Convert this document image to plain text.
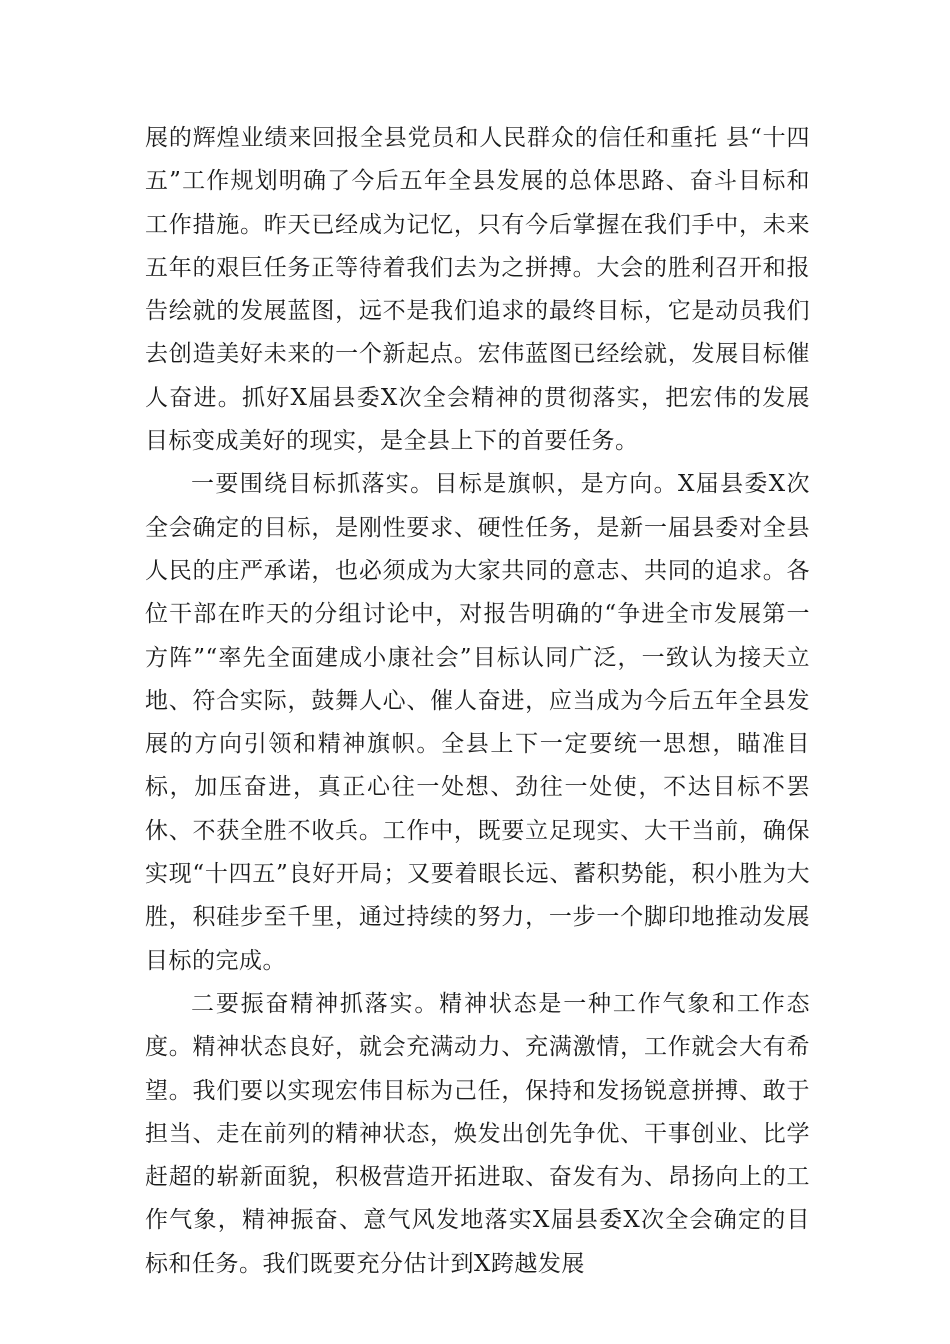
展的辉煌业绩来回报全县党员和人民群众的信任和重托 县“十四五”工作规划明确了今后五年全县发展的总体思路、奋斗目标和工作措施。昨天已经成为记忆，只有今后掌握在我们手中，未来五年的艰巨任务正等待着我们去为之拼搏。大会的胜利召开和报告绘就的发展蓝图，远不是我们追求的最终目标，它是动员我们去创造美好未来的一个新起点。宏伟蓝图已经绘就，发展目标催人奋进。抓好X届县委X次全会精神的贯彻落实，把宏伟的发展目标变成美好的现实，是全县上下的首要任务。

一要围绕目标抓落实。目标是旗帜，是方向。X届县委X次全会确定的目标，是刚性要求、硬性任务，是新一届县委对全县人民的庄严承诺，也必须成为大家共同的意志、共同的追求。各位干部在昨天的分组讨论中，对报告明确的“争进全市发展第一方阵”“率先全面建成小康社会”目标认同广泛，一致认为接天立地、符合实际，鼓舞人心、催人奋进，应当成为今后五年全县发展的方向引领和精神旗帜。全县上下一定要统一思想，瞄准目标，加压奋进，真正心往一处想、劲往一处使，不达目标不罢休、不获全胜不收兵。工作中，既要立足现实、大干当前，确保实现“十四五”良好开局；又要着眼长远、蓄积势能，积小胜为大胜，积硅步至千里，通过持续的努力，一步一个脚印地推动发展目标的完成。

二要振奋精神抓落实。精神状态是一种工作气象和工作态度。精神状态良好，就会充满动力、充满激情，工作就会大有希望。我们要以实现宏伟目标为己任，保持和发扬锐意拼搏、敢于担当、走在前列的精神状态，焕发出创先争优、干事创业、比学赶超的崭新面貌，积极营造开拓进取、奋发有为、昂扬向上的工作气象，精神振奋、意气风发地落实X届县委X次全会确定的目标和任务。我们既要充分估计到X跨越发展
